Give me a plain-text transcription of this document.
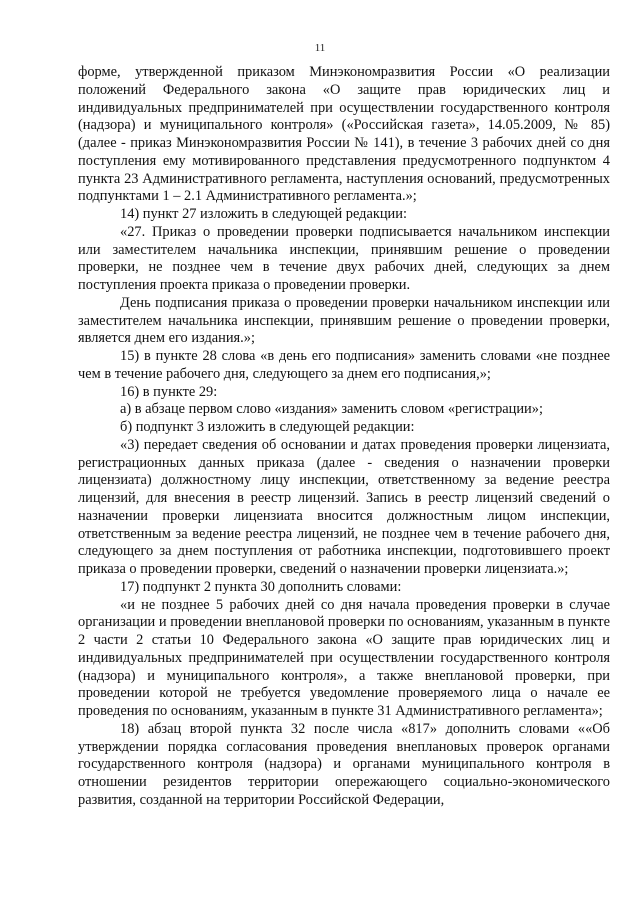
11

форме, утвержденной приказом Минэкономразвития России «О реализации положений Федерального закона «О защите прав юридических лиц и индивидуальных предпринимателей при осуществлении государственного контроля (надзора) и муниципального контроля» («Российская газета», 14.05.2009, № 85) (далее - приказ Минэкономразвития России № 141), в течение 3 рабочих дней со дня поступления ему мотивированного представления предусмотренного подпунктом 4 пункта 23 Административного регламента, наступления оснований, предусмотренных подпунктами 1 – 2.1 Административного регламента.»;

14) пункт 27 изложить в следующей редакции:

«27. Приказ о проведении проверки подписывается начальником инспекции или заместителем начальника инспекции, принявшим решение о проведении проверки, не позднее чем в течение двух рабочих дней, следующих за днем поступления проекта приказа о проведении проверки.

День подписания приказа о проведении проверки начальником инспекции или заместителем начальника инспекции, принявшим решение о проведении проверки, является днем его издания.»;

15) в пункте 28 слова «в день его подписания» заменить словами «не позднее чем в течение рабочего дня, следующего за днем его подписания,»;

16) в пункте 29:

а) в абзаце первом слово «издания» заменить словом «регистрации»;

б) подпункт 3 изложить в следующей редакции:

«3) передает сведения об основании и датах проведения проверки лицензиата, регистрационных данных приказа (далее - сведения о назначении проверки лицензиата) должностному лицу инспекции, ответственному за ведение реестра лицензий, для внесения в реестр лицензий. Запись в реестр лицензий сведений о назначении проверки лицензиата вносится должностным лицом инспекции, ответственным за ведение реестра лицензий, не позднее чем в течение рабочего дня, следующего за днем поступления от работника инспекции, подготовившего проект приказа о проведении проверки, сведений о назначении проверки лицензиата.»;

17) подпункт 2 пункта 30 дополнить словами:

«и не позднее 5 рабочих дней со дня начала проведения проверки в случае организации и проведении внеплановой проверки по основаниям, указанным в пункте 2 части 2 статьи 10 Федерального закона «О защите прав юридических лиц и индивидуальных предпринимателей при осуществлении государственного контроля (надзора) и муниципального контроля», а также внеплановой проверки, при проведении которой не требуется уведомление проверяемого лица о начале ее проведения по основаниям, указанным в пункте 31 Административного регламента»;

18) абзац второй пункта 32 после числа «817» дополнить словами ««Об утверждении порядка согласования проведения внеплановых проверок органами государственного контроля (надзора) и органами муниципального контроля в отношении резидентов территории опережающего социально-экономического развития, созданной на территории Российской Федерации,
